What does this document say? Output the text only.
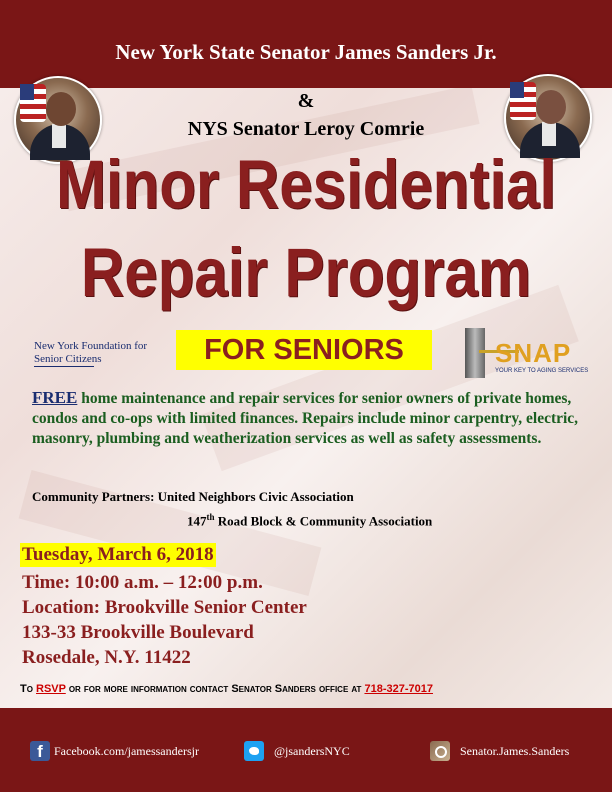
New York State Senator James Sanders Jr.
&
NYS Senator Leroy Comrie
Minor Residential
Repair Program
New York Foundation for
Senior Citizens	FOR SENIORS	SNAP
YOUR KEY TO AGING SERVICES
FREE home maintenance and repair services for senior owners of private homes, condos and co-ops with limited finances. Repairs include minor carpentry, electric, masonry, plumbing and weatherization services as well as safety assessments.
Community Partners: United Neighbors Civic Association
147th Road Block & Community Association
Tuesday, March 6, 2018
Time: 10:00 a.m. – 12:00 p.m.
Location: Brookville Senior Center
133-33 Brookville Boulevard
Rosedale, N.Y. 11422
To RSVP or for more information contact Senator Sanders office at 718-327-7017
f Facebook.com/jamessandersjr	@jsandersNYC	Senator.James.Sanders
